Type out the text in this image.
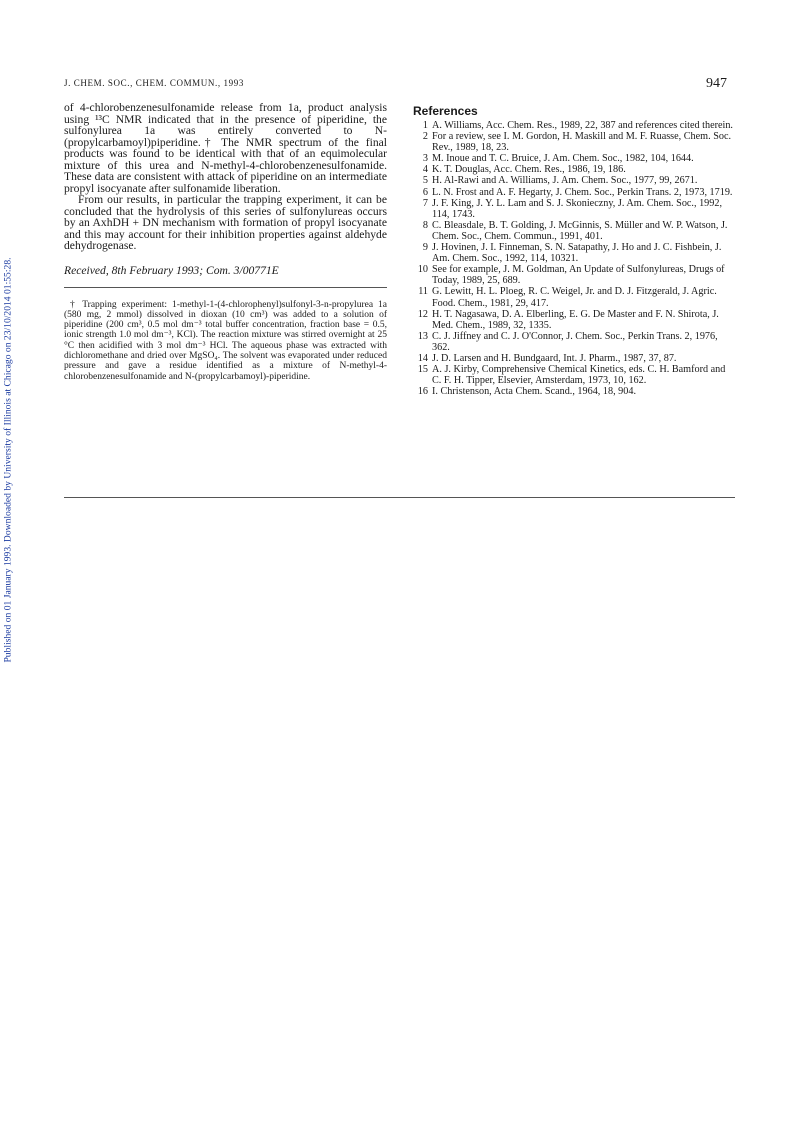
Published on 01 January 1993. Downloaded by University of Illinois at Chicago on 23/10/2014 01:55:28.
J. CHEM. SOC., CHEM. COMMUN., 1993	947

of 4-chlorobenzenesulfonamide release from 1a, product analysis using ¹³C NMR indicated that in the presence of piperidine, the sulfonylurea 1a was entirely converted to N-(propylcarbamoyl)piperidine.† The NMR spectrum of the final products was found to be identical with that of an equimolecular mixture of this urea and N-methyl-4-chlorobenzenesulfonamide. These data are consistent with attack of piperidine on an intermediate propyl isocyanate after sulfonamide liberation.

From our results, in particular the trapping experiment, it can be concluded that the hydrolysis of this series of sulfonylureas occurs by an AxhDH + DN mechanism with formation of propyl isocyanate and this may account for their inhibition properties against aldehyde dehydrogenase.

Received, 8th February 1993; Com. 3/00771E
† Trapping experiment: 1-methyl-1-(4-chlorophenyl)sulfonyl-3-n-propylurea 1a (580 mg, 2 mmol) dissolved in dioxan (10 cm³) was added to a solution of piperidine (200 cm³, 0.5 mol dm⁻³ total buffer concentration, fraction base = 0.5, ionic strength 1.0 mol dm⁻³, KCl). The reaction mixture was stirred overnight at 25 °C then acidified with 3 mol dm⁻³ HCl. The aqueous phase was extracted with dichloromethane and dried over MgSO₄. The solvent was evaporated under reduced pressure and gave a residue identified as a mixture of N-methyl-4-chlorobenzenesulfonamide and N-(propylcarbamoyl)-piperidine.
References
1 A. Williams, Acc. Chem. Res., 1989, 22, 387 and references cited therein.
2 For a review, see I. M. Gordon, H. Maskill and M. F. Ruasse, Chem. Soc. Rev., 1989, 18, 23.
3 M. Inoue and T. C. Bruice, J. Am. Chem. Soc., 1982, 104, 1644.
4 K. T. Douglas, Acc. Chem. Res., 1986, 19, 186.
5 H. Al-Rawi and A. Williams, J. Am. Chem. Soc., 1977, 99, 2671.
6 L. N. Frost and A. F. Hegarty, J. Chem. Soc., Perkin Trans. 2, 1973, 1719.
7 J. F. King, J. Y. L. Lam and S. J. Skonieczny, J. Am. Chem. Soc., 1992, 114, 1743.
8 C. Bleasdale, B. T. Golding, J. McGinnis, S. Müller and W. P. Watson, J. Chem. Soc., Chem. Commun., 1991, 401.
9 J. Hovinen, J. I. Finneman, S. N. Satapathy, J. Ho and J. C. Fishbein, J. Am. Chem. Soc., 1992, 114, 10321.
10 See for example, J. M. Goldman, An Update of Sulfonylureas, Drugs of Today, 1989, 25, 689.
11 G. Lewitt, H. L. Ploeg, R. C. Weigel, Jr. and D. J. Fitzgerald, J. Agric. Food. Chem., 1981, 29, 417.
12 H. T. Nagasawa, D. A. Elberling, E. G. De Master and F. N. Shirota, J. Med. Chem., 1989, 32, 1335.
13 C. J. Jiffney and C. J. O'Connor, J. Chem. Soc., Perkin Trans. 2, 1976, 362.
14 J. D. Larsen and H. Bundgaard, Int. J. Pharm., 1987, 37, 87.
15 A. J. Kirby, Comprehensive Chemical Kinetics, eds. C. H. Bamford and C. F. H. Tipper, Elsevier, Amsterdam, 1973, 10, 162.
16 I. Christenson, Acta Chem. Scand., 1964, 18, 904.
